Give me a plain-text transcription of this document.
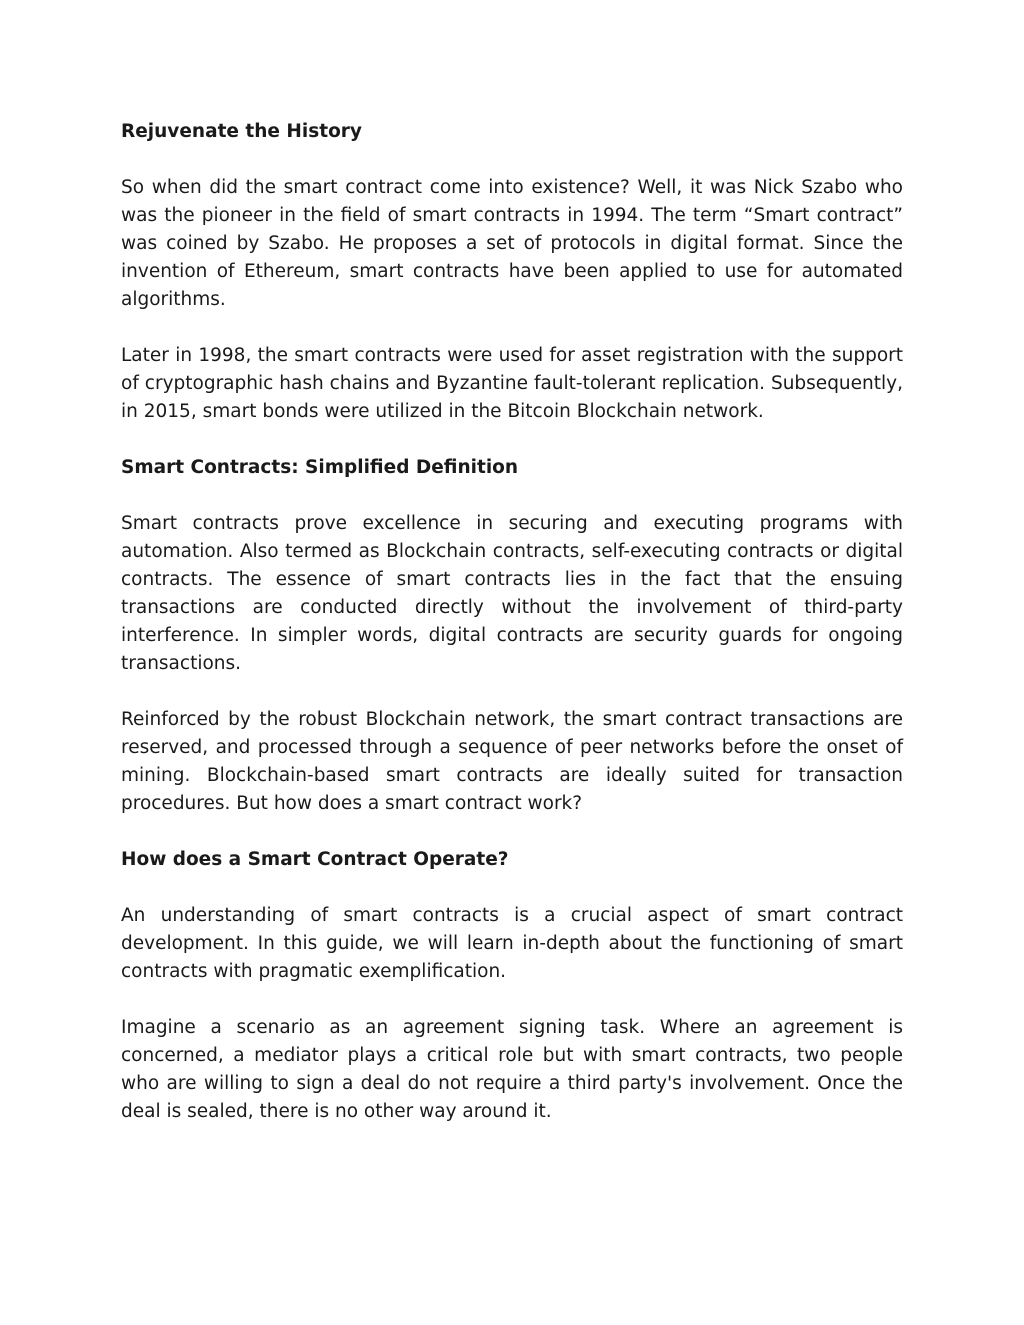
Rejuvenate the History

So when did the smart contract come into existence? Well, it was Nick Szabo who was the pioneer in the field of smart contracts in 1994. The term “Smart contract” was coined by Szabo. He proposes a set of protocols in digital format. Since the invention of Ethereum, smart contracts have been applied to use for automated algorithms.

Later in 1998, the smart contracts were used for asset registration with the support of cryptographic hash chains and Byzantine fault-tolerant replication. Subsequently, in 2015, smart bonds were utilized in the Bitcoin Blockchain network.

Smart Contracts: Simplified Definition

Smart contracts prove excellence in securing and executing programs with automation. Also termed as Blockchain contracts, self-executing contracts or digital contracts. The essence of smart contracts lies in the fact that the ensuing transactions are conducted directly without the involvement of third-party interference. In simpler words, digital contracts are security guards for ongoing transactions.

Reinforced by the robust Blockchain network, the smart contract transactions are reserved, and processed through a sequence of peer networks before the onset of mining. Blockchain-based smart contracts are ideally suited for transaction procedures. But how does a smart contract work?

How does a Smart Contract Operate?

An understanding of smart contracts is a crucial aspect of smart contract development. In this guide, we will learn in-depth about the functioning of smart contracts with pragmatic exemplification.

Imagine a scenario as an agreement signing task. Where an agreement is concerned, a mediator plays a critical role but with smart contracts, two people who are willing to sign a deal do not require a third party's involvement. Once the deal is sealed, there is no other way around it.
